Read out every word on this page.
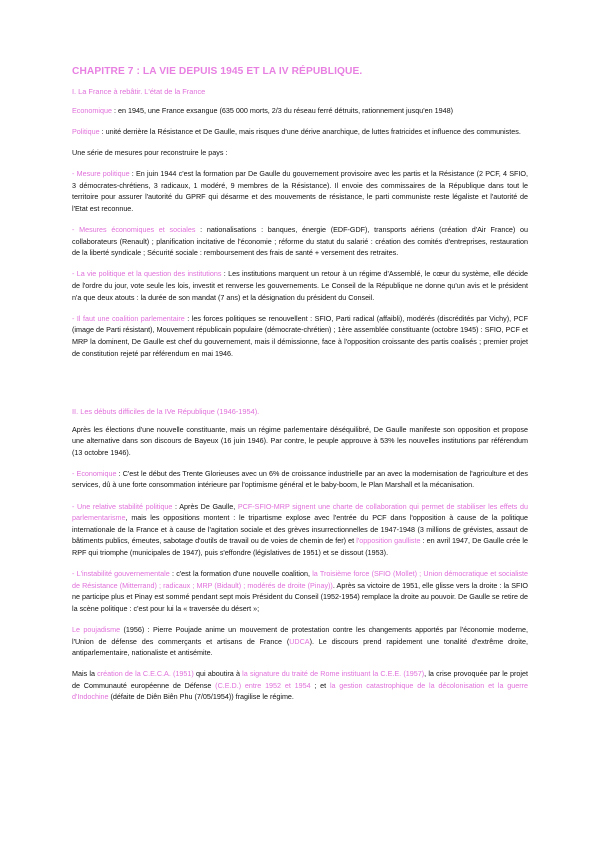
CHAPITRE 7 : LA VIE DEPUIS 1945 ET LA IV RÉPUBLIQUE.
I. La France à rebâtir. L'état de la France

Economique : en 1945, une France exsangue (635 000 morts, 2/3 du réseau ferré détruits, rationnement jusqu'en 1948)

Politique : unité derrière la Résistance et De Gaulle, mais risques d'une dérive anarchique, de luttes fratricides et influence des communistes.

Une série de mesures pour reconstruire le pays :

- Mesure politique : En juin 1944 c'est la formation par De Gaulle du gouvernement provisoire avec les partis et la Résistance (2 PCF, 4 SFIO, 3 démocrates-chrétiens, 3 radicaux, 1 modéré, 9 membres de la Résistance). Il envoie des commissaires de la République dans tout le territoire pour assurer l'autorité du GPRF qui désarme et des mouvements de résistance, le parti communiste reste légaliste et l'autorité de l'Etat est reconnue.

- Mesures économiques et sociales : nationalisations : banques, énergie (EDF-GDF), transports aériens (création d'Air France) ou collaborateurs (Renault) ; planification incitative de l'économie ; réforme du statut du salarié : création des comités d'entreprises, restauration de la liberté syndicale ; Sécurité sociale : remboursement des frais de santé + versement des retraites.

- La vie politique et la question des institutions : Les institutions marquent un retour à un régime d'Assemblé, le cœur du système, elle décide de l'ordre du jour, vote seule les lois, investit et renverse les gouvernements. Le Conseil de la République ne donne qu'un avis et le président n'a que deux atouts : la durée de son mandat (7 ans) et la désignation du président du Conseil.

- Il faut une coalition parlementaire : les forces politiques se renouvellent : SFIO, Parti radical (affaibli), modérés (discrédités par Vichy), PCF (image de Parti résistant), Mouvement républicain populaire (démocrate-chrétien) ; 1ère assemblée constituante (octobre 1945) : SFIO, PCF et MRP la dominent, De Gaulle est chef du gouvernement, mais il démissionne, face à l'opposition croissante des partis coalisés ; premier projet de constitution rejeté par référendum en mai 1946.

II. Les débuts difficiles de la IVe République (1946-1954).

Après les élections d'une nouvelle constituante, mais un régime parlementaire déséquilibré, De Gaulle manifeste son opposition et propose une alternative dans son discours de Bayeux (16 juin 1946). Par contre, le peuple approuve à 53% les nouvelles institutions par référendum (13 octobre 1946).

- Economique : C'est le début des Trente Glorieuses avec un 6% de croissance industrielle par an avec la modernisation de l'agriculture et des services, dû à une forte consommation intérieure par l'optimisme général et le baby-boom, le Plan Marshall et la mécanisation.

- Une relative stabilité politique : Après De Gaulle, PCF-SFIO-MRP signent une charte de collaboration qui permet de stabiliser les effets du parlementarisme, mais les oppositions montent : le tripartisme explose avec l'entrée du PCF dans l'opposition à cause de la politique internationale de la France et à cause de l'agitation sociale et des grèves insurrectionnelles de 1947-1948 (3 millions de grévistes, assaut de bâtiments publics, émeutes, sabotage d'outils de travail ou de voies de chemin de fer) et l'opposition gaulliste : en avril 1947, De Gaulle crée le RPF qui triomphe (municipales de 1947), puis s'effondre (législatives de 1951) et se dissout (1953).

- L'instabilité gouvernementale : c'est la formation d'une nouvelle coalition, la Troisième force (SFIO (Mollet) ; Union démocratique et socialiste de Résistance (Mitterrand) ; radicaux ; MRP (Bidault) ; modérés de droite (Pinay)). Après sa victoire de 1951, elle glisse vers la droite : la SFIO ne participe plus et Pinay est sommé pendant sept mois Président du Conseil (1952-1954) remplace la droite au pouvoir. De Gaulle se retire de la scène politique : c'est pour lui la « traversée du désert »;

Le poujadisme (1956) : Pierre Poujade anime un mouvement de protestation contre les changements apportés par l'économie moderne, l'Union de défense des commerçants et artisans de France (UDCA). Le discours prend rapidement une tonalité d'extrême droite, antiparlementaire, nationaliste et antisémite.

Mais la création de la C.E.C.A. (1951) qui aboutira à la signature du traité de Rome instituant la C.E.E. (1957), la crise provoquée par le projet de Communauté européenne de Défense (C.E.D.) entre 1952 et 1954 ; et la gestion catastrophique de la décolonisation et la guerre d'Indochine (défaite de Diên Biên Phu (7/05/1954)) fragilise le régime.
